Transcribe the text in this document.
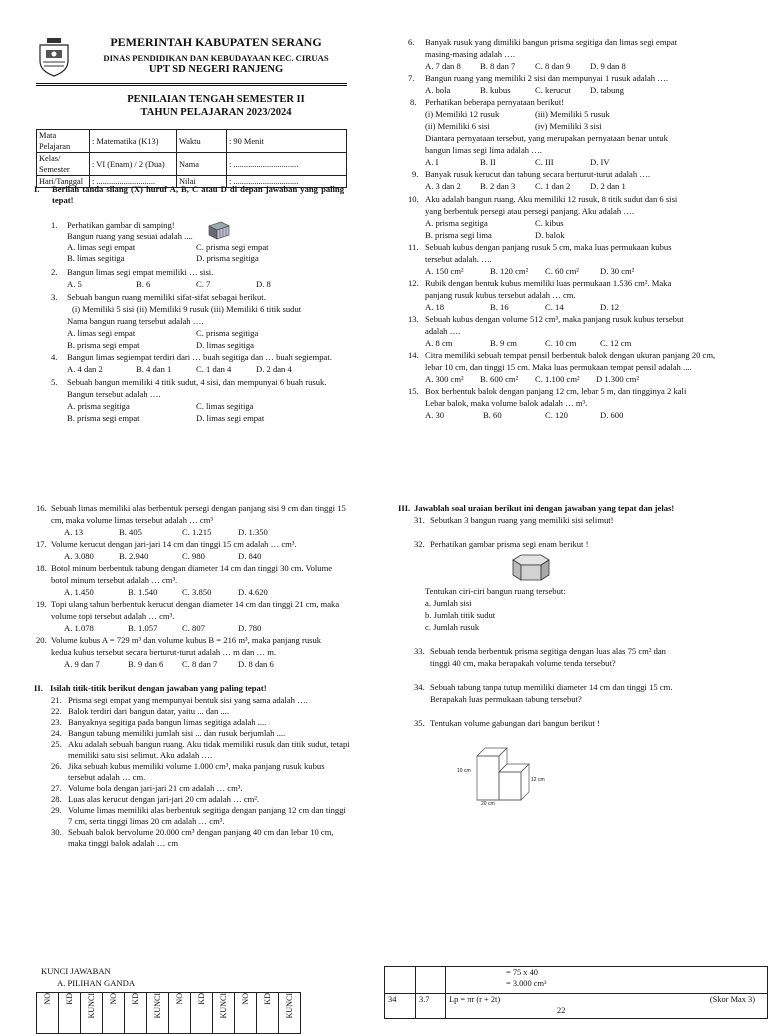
PEMERINTAH KABUPATEN SERANG
DINAS PENDIDIKAN DAN KEBUDAYAAN KEC. CIRUAS
UPT SD NEGERI RANJENG
PENILAIAN TENGAH SEMESTER II
TAHUN PELAJARAN 2023/2024
Mata Pelajaran	: Matematika (K13)	Waktu	: 90 Menit
Kelas/ Semester	: VI (Enam) / 2 (Dua)	Nama	: ...............................
Hari/Tanggal	: ............................	Nilai	: ...............................
I. Berilah tanda silang (X) huruf A, B, C atau D di depan jawaban yang paling tepat!
1. Perhatikan gambar di samping!
Bangun ruang yang sesuai adalah ....
A. limas segi empat	C. prisma segi empat
B. limas segitiga	D. prisma segitiga
2. Bangun limas segi empat memiliki … sisi.
A. 5	B. 6	C. 7	D. 8
3. Sebuah bangun ruang memiliki sifat-sifat sebagai berikut.
(i) Memiliki 5 sisi (ii) Memiliki 9 rusuk (iii) Memiliki 6 titik sudut
Nama bangun ruang tersebut adalah ….
A. limas segi empat	C. prisma segitiga
B. prisma segi empat	D. limas segitiga
4. Bangun limas segiempat terdiri dari … buah segitiga dan … buah segiempat.
A. 4 dan 2	B. 4 dan 1	C. 1 dan 4	D. 2 dan 4
5. Sebuah bangun memiliki 4 titik sudut, 4 sisi, dan mempunyai 6 buah rusuk.
Bangun tersebut adalah ….
A. prisma segitiga	C. limas segitiga
B. prisma segi empat	D. limas segi empat
6. Banyak rusuk yang dimiliki bangun prisma segitiga dan limas segi empat
masing-masing adalah ….
A. 7 dan 8 B. 8 dan 7 C. 8 dan 9 D. 9 dan 8
7. Bangun ruang yang memiliki 2 sisi dan mempunyai 1 rusuk adalah ….
A. bola	B. kubus	C. kerucut D. tabung
8. Perhatikan beberapa pernyataan berikut!
(i) Memiliki 12 rusuk	(iii) Memiliki 5 rusuk
(ii) Memiliki 6 sisi	(iv) Memiliki 3 sisi
Diantara pernyataan tersebut, yang merupakan pernyataan benar untuk
bangun limas segi lima adalah ….
A. I	B. II	C. III	D. IV
9. Banyak rusuk kerucut dan tabung secara berturut-turut adalah ….
A. 3 dan 2 B. 2 dan 3 C. 1 dan 2 D. 2 dan 1
10. Aku adalah bangun ruang. Aku memiliki 12 rusuk, 8 titik sudut dan 6 sisi
yang berbentuk persegi atau persegi panjang. Aku adalah ….
A. prisma segitiga	C. kibus
B. prisma segi lima	D. balok
11. Sebuah kubus dengan panjang rusuk 5 cm, maka luas permukaan kubus
tersebut adalah. ….
A. 150 cm²	B. 120 cm² C. 60 cm² D. 30 cm²
12. Rubik dengan bentuk kubus memiliki luas permukaan 1.536 cm². Maka
panjang rusuk kubus tersebut adalah … cm.
A. 18	B. 16	C. 14	D. 12
13. Sebuah kubus dengan volume 512 cm³, maka panjang rusuk kubus tersebut
adalah ….
A. 8 cm	B. 9 cm	C. 10 cm	C. 12 cm
14. Citra memiliki sebuah tempat pensil berbentuk balok dengan ukuran panjang 20 cm,
lebar 10 cm, dan tinggi 15 cm. Maka luas permukaan tempat pensil adalah ....
A. 300 cm² B. 600 cm² C. 1.100 cm² D 1.300 cm²
15. Box berbentuk balok dengan panjang 12 cm, lebar 5 m, dan tingginya 2 kali
Lebar balok, maka volume balok adalah … m³.
A. 30	B. 60	C. 120	D. 600
16. Sebuah limas memiliki alas berbentuk persegi dengan panjang sisi 9 cm dan tinggi 15
cm, maka volume limas tersebut adalah … cm³
A. 13	B. 405	C. 1.215	D. 1.350
17. Volume kerucut dengan jari-jari 14 cm dan tinggi 15 cm adalah … cm³.
A. 3.080	B. 2.940	C. 980	D. 840
18. Botol minum berbentuk tabung dengan diameter 14 cm dan tinggi 30 cm. Volume
botol minum tersebut adalah … cm³.
A. 1.450	B. 1.540	C. 3.850	D. 4.620
19. Topi ulang tahun berbentuk kerucut dengan diameter 14 cm dan tinggi 21 cm, maka
volume topi tersebut adalah … cm³.
A. 1.078	B. 1.057	C. 807	D. 780
20. Volume kubus A = 729 m³ dan volume kubus B = 216 m³, maka panjang rusuk
kedua kubus tersebut secara berturut-turut adalah … m dan … m.
A. 9 dan 7	B. 9 dan 6 C. 8 dan 7 D. 8 dan 6
II. Isilah titik-titik berikut dengan jawaban yang paling tepat!
21. Prisma segi empat yang mempunyai bentuk sisi yang sama adalah ….
22. Balok terdiri dari bangun datar, yaitu ... dan ....
23. Banyaknya segitiga pada bangun limas segitiga adalah ....
24. Bangun tabung memiliki jumlah sisi ... dan rusuk berjumlah ....
25. Aku adalah sebuah bangun ruang. Aku tidak memiliki rusuk dan titik sudut, tetapi
memiliki satu sisi selimut. Aku adalah ….
26. Jika sebuah kubus memiliki volume 1.000 cm³, maka panjang rusuk kubus
tersebut adalah … cm.
27. Volume bola dengan jari-jari 21 cm adalah … cm³.
28. Luas alas kerucut dengan jari-jari 20 cm adalah … cm².
29. Volume limas memiliki alas berbentuk segitiga dengan panjang 12 cm dan tinggi
7 cm, serta tinggi limas 20 cm adalah … cm³.
30. Sebuah balok bervolume 20.000 cm³ dengan panjang 40 cm dan lebar 10 cm,
maka tinggi balok adalah … cm
III. Jawablah soal uraian berikut ini dengan jawaban yang tepat dan jelas!
31. Sebutkan 3 bangun ruang yang memiliki sisi selimut!
32. Perhatikan gambar prisma segi enam berikut !
Tentukan ciri-ciri bangun ruang tersebut:
a. Jumlah sisi
b. Jumlah titik sudut
c. Jumlah rusuk
33. Sebuah tenda berbentuk prisma segitiga dengan luas alas 75 cm² dan
tinggi 40 cm, maka berapakah volume tenda tersebut?
34. Sebuah tabung tanpa tutup memiliki diameter 14 cm dan tinggi 15 cm.
Berapakah luas permukaan tabung tersebut?
35. Tentukan volume gabungan dari bangun berikut !
10 cm
12 cm
20 cm
KUNCI JAWABAN
A. PILIHAN GANDA
NO	KD	KUNCI	NO	KD	KUNCI	NO	KD	KUNCI	NO	KD	KUNCI

		= 75 x 40
= 3.000 cm³

34	3.7	Lp = πr (r + 2t) (Skor Max 3)
22
